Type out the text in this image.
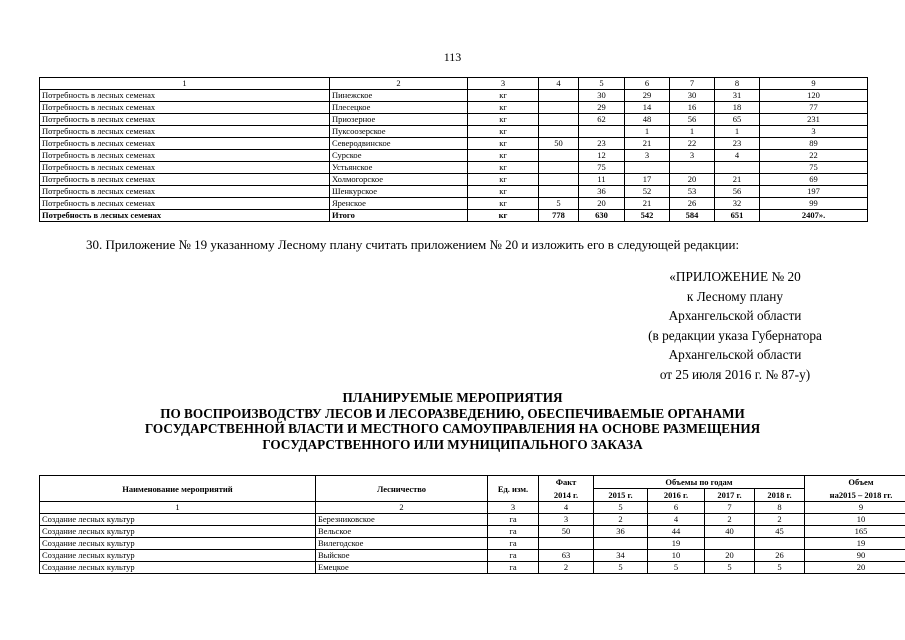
113
1	2	3	4	5	6	7	8	9
Потребность в лесных семенах	Пинежское	кг		30	29	30	31	120
Потребность в лесных семенах	Плесецкое	кг		29	14	16	18	77
Потребность в лесных семенах	Приозерное	кг		62	48	56	65	231
Потребность в лесных семенах	Пуксоозерское	кг			1	1	1	3
Потребность в лесных семенах	Северодвинское	кг	50	23	21	22	23	89
Потребность в лесных семенах	Сурское	кг		12	3	3	4	22
Потребность в лесных семенах	Устьянское	кг		75				75
Потребность в лесных семенах	Холмогорское	кг		11	17	20	21	69
Потребность в лесных семенах	Шенкурское	кг		36	52	53	56	197
Потребность в лесных семенах	Яренское	кг	5	20	21	26	32	99
Потребность в лесных семенах	Итого	кг	778	630	542	584	651	2407».
30. Приложение № 19 указанному Лесному плану считать приложением № 20 и изложить его в следующей редакции:
«ПРИЛОЖЕНИЕ № 20
к Лесному плану
Архангельской области
(в редакции указа Губернатора
Архангельской области
от 25 июля 2016 г. № 87-у)
ПЛАНИРУЕМЫЕ МЕРОПРИЯТИЯ
ПО ВОСПРОИЗВОДСТВУ ЛЕСОВ И ЛЕСОРАЗВЕДЕНИЮ, ОБЕСПЕЧИВАЕМЫЕ ОРГАНАМИ
ГОСУДАРСТВЕННОЙ ВЛАСТИ И МЕСТНОГО САМОУПРАВЛЕНИЯ НА ОСНОВЕ РАЗМЕЩЕНИЯ
ГОСУДАРСТВЕННОГО ИЛИ МУНИЦИПАЛЬНОГО ЗАКАЗА
Наименование мероприятий	Лесничество	Ед. изм.	Факт	Объемы по годам				Объем
			2014 г.	2015 г.	2016 г.	2017 г.	2018 г.	на2015 – 2018 гг.
1	2	3	4	5	6	7	8	9
Создание лесных культур	Березниковское	га	3	2	4	2	2	10
Создание лесных культур	Вельское	га	50	36	44	40	45	165
Создание лесных культур	Вилегодское	га			19			19
Создание лесных культур	Выйское	га	63	34	10	20	26	90
Создание лесных культур	Емецкое	га	2	5	5	5	5	20
